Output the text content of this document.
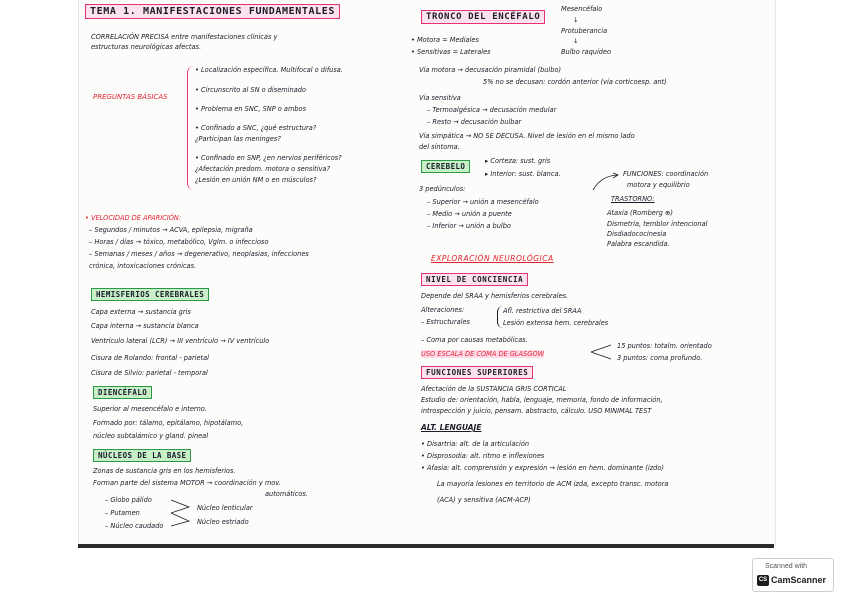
TEMA 1. MANIFESTACIONES FUNDAMENTALES
CORRELACIÓN PRECISA entre manifestaciones clínicas y
estructuras neurológicas afectas.
PREGUNTAS BÁSICAS
• Localización específica. Multifocal o difusa.
• Circunscrito al SN o diseminado
• Problema en SNC, SNP o ambos
• Confinado a SNC, ¿qué estructura?
¿Participan las meninges?
• Confinado en SNP, ¿en nervios periféricos?
¿Afectación predom. motora o sensitiva?
¿Lesión en unión NM o en músculos?
• VELOCIDAD DE APARICIÓN:
– Segundos / minutos → ACVA, epilepsia, migraña
– Horas / días → tóxico, metabólico, Vglm. o infeccioso
– Semanas / meses / años → degenerativo, neoplasias, infecciones
crónica, intoxicaciones crónicas.
HEMISFERIOS CEREBRALES
Capa externa → sustancia gris
Capa interna → sustancia blanca
Ventrículo lateral (LCR) → III ventrículo → IV ventrículo
Cisura de Rolando: frontal - parietal
Cisura de Silvio: parietal - temporal
DIENCÉFALO
Superior al mesencéfalo e interno.
Formado por: tálamo, epitálamo, hipotálamo,
núcleo subtalámico y gland. pineal
NÚCLEOS DE LA BASE
Zonas de sustancia gris en los hemisferios.
Forman parte del sistema MOTOR → coordinación y mov.
automáticos.
– Globo pálido
– Putamen
– Núcleo caudado
Núcleo lenticular
Núcleo estriado
TRONCO DEL ENCÉFALO
Mesencéfalo
↓
Protuberancia
↓
Bulbo raquídeo
• Motora = Mediales
• Sensitivas = Laterales
Vía motora → decusación piramidal (bulbo)
5% no se decusan: cordón anterior (vía corticoesp. ant)
Vía sensitiva
– Termoalgésica → decusación medular
– Resto → decusación bulbar
Vía simpática → NO SE DECUSA. Nivel de lesión en el mismo lado
del síntoma.
CEREBELO
▸ Corteza: sust. gris
▸ Interior: sust. blanca.	FUNCIONES: coordinación
motora y equilibrio
3 pedúnculos:
– Superior → unión a mesencéfalo
– Medio → unión a puente
– Inferior → unión a bulbo
TRASTORNO:
Ataxia (Romberg ⊕)
Dismetría, temblor intencional
Disdiadococinesia
Palabra escandida.
EXPLORACIÓN NEUROLÓGICA
NIVEL DE CONCIENCIA
Depende del SRAA y hemisferios cerebrales.
Alteraciones:
– Estructurales
Afl. restrictiva del SRAA
Lesión extensa hem. cerebrales
– Coma por causas metabólicas.
USO ESCALA DE COMA DE GLASGOW
15 puntos: totalm. orientado
3 puntos: coma profundo.
FUNCIONES SUPERIORES
Afectación de la SUSTANCIA GRIS CORTICAL
Estudio de: orientación, habla, lenguaje, memoria, fondo de información,
introspección y juicio, pensam. abstracto, cálculo. USO MINIMAL TEST
ALT. LENGUAJE
• Disartria: alt. de la articulación
• Disprosodia: alt. ritmo e inflexiones
• Afasia: alt. comprensión y expresión → lesión en hem. dominante (izdo)
La mayoría lesiones en territorio de ACM izda, excepto transc. motora
(ACA) y sensitiva (ACM-ACP)
Scanned with
CS CamScanner
